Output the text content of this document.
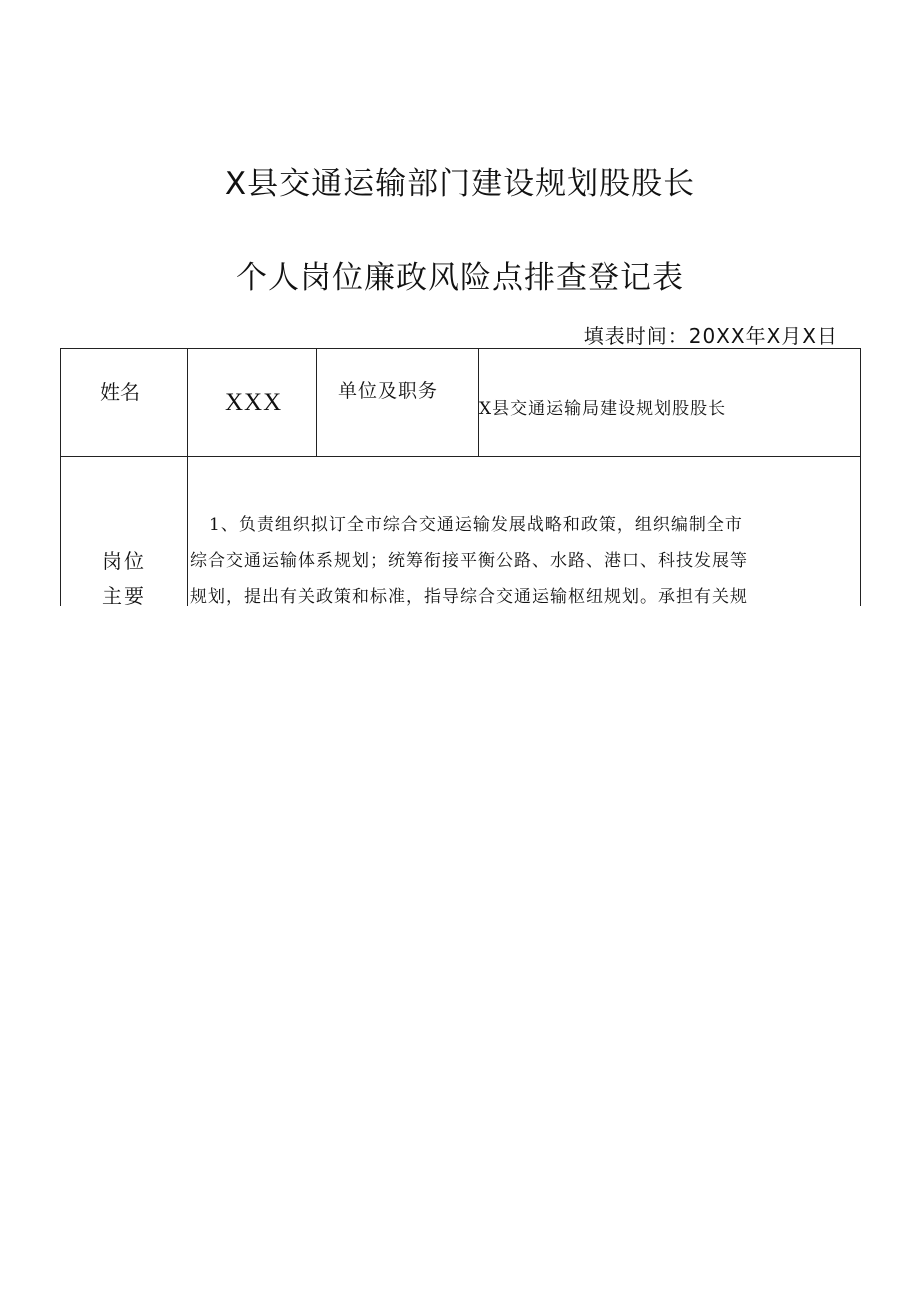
X县交通运输部门建设规划股股长
个人岗位廉政风险点排查登记表
填表时间：20XX年X月X日
姓名	XXX	单位及职务
X县交通运输局建设规划股股长
岗位
主要
1、负责组织拟订全市综合交通运输发展战略和政策，组织编制全市
综合交通运输体系规划；统筹衔接平衡公路、水路、港口、科技发展等
规划，提出有关政策和标准，指导综合交通运输枢纽规划。承担有关规
